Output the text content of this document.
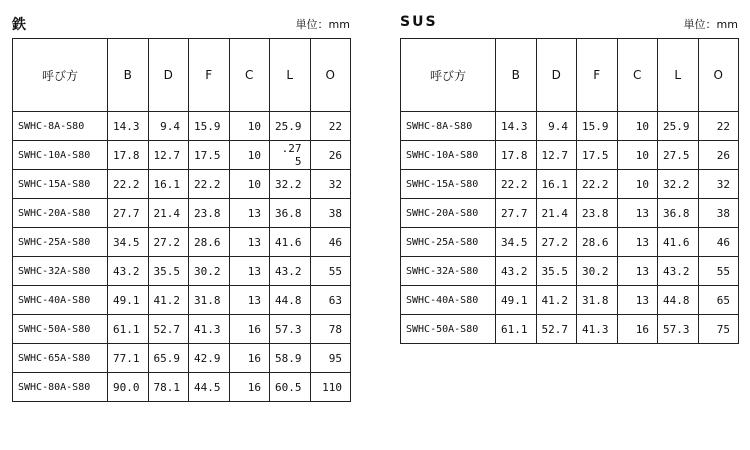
鉄	単位：mm
呼び方	B	D	F	C	L	O
SWHC-8A-S80	14.3	9.4	15.9	10	25.9	22
SWHC-10A-S80	17.8	12.7	17.5	10	.27 5	26
SWHC-15A-S80	22.2	16.1	22.2	10	32.2	32
SWHC-20A-S80	27.7	21.4	23.8	13	36.8	38
SWHC-25A-S80	34.5	27.2	28.6	13	41.6	46
SWHC-32A-S80	43.2	35.5	30.2	13	43.2	55
SWHC-40A-S80	49.1	41.2	31.8	13	44.8	63
SWHC-50A-S80	61.1	52.7	41.3	16	57.3	78
SWHC-65A-S80	77.1	65.9	42.9	16	58.9	95
SWHC-80A-S80	90.0	78.1	44.5	16	60.5	110
SUS	単位：mm
呼び方	B	D	F	C	L	O
SWHC-8A-S80	14.3	9.4	15.9	10	25.9	22
SWHC-10A-S80	17.8	12.7	17.5	10	27.5	26
SWHC-15A-S80	22.2	16.1	22.2	10	32.2	32
SWHC-20A-S80	27.7	21.4	23.8	13	36.8	38
SWHC-25A-S80	34.5	27.2	28.6	13	41.6	46
SWHC-32A-S80	43.2	35.5	30.2	13	43.2	55
SWHC-40A-S80	49.1	41.2	31.8	13	44.8	65
SWHC-50A-S80	61.1	52.7	41.3	16	57.3	75
